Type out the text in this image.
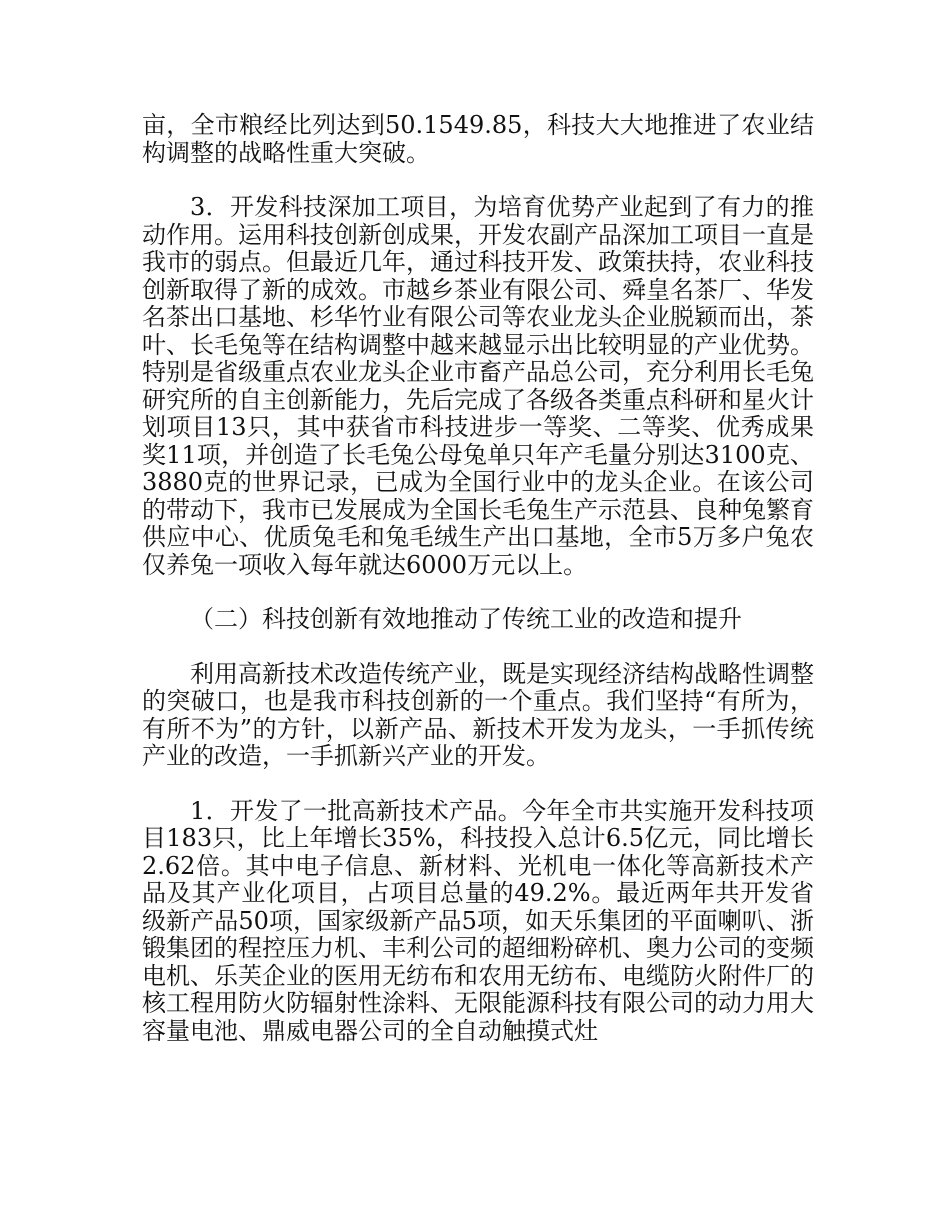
亩，全市粮经比列达到50.1549.85，科技大大地推进了农业结构调整的战略性重大突破。

3．开发科技深加工项目，为培育优势产业起到了有力的推动作用。运用科技创新创成果，开发农副产品深加工项目一直是我市的弱点。但最近几年，通过科技开发、政策扶持，农业科技创新取得了新的成效。市越乡茶业有限公司、舜皇名茶厂、华发名茶出口基地、杉华竹业有限公司等农业龙头企业脱颖而出，茶叶、长毛兔等在结构调整中越来越显示出比较明显的产业优势。特别是省级重点农业龙头企业市畜产品总公司，充分利用长毛兔研究所的自主创新能力，先后完成了各级各类重点科研和星火计划项目13只，其中获省市科技进步一等奖、二等奖、优秀成果奖11项，并创造了长毛兔公母兔单只年产毛量分别达3100克、3880克的世界记录，已成为全国行业中的龙头企业。在该公司的带动下，我市已发展成为全国长毛兔生产示范县、良种兔繁育供应中心、优质兔毛和兔毛绒生产出口基地，全市5万多户兔农仅养兔一项收入每年就达6000万元以上。

（二）科技创新有效地推动了传统工业的改造和提升

利用高新技术改造传统产业，既是实现经济结构战略性调整的突破口，也是我市科技创新的一个重点。我们坚持“有所为，有所不为”的方针，以新产品、新技术开发为龙头，一手抓传统产业的改造，一手抓新兴产业的开发。

1．开发了一批高新技术产品。今年全市共实施开发科技项目183只，比上年增长35%，科技投入总计6.5亿元，同比增长2.62倍。其中电子信息、新材料、光机电一体化等高新技术产品及其产业化项目，占项目总量的49.2%。最近两年共开发省级新产品50项，国家级新产品5项，如天乐集团的平面喇叭、浙锻集团的程控压力机、丰利公司的超细粉碎机、奥力公司的变频电机、乐芙企业的医用无纺布和农用无纺布、电缆防火附件厂的核工程用防火防辐射性涂料、无限能源科技有限公司的动力用大容量电池、鼎威电器公司的全自动触摸式灶
